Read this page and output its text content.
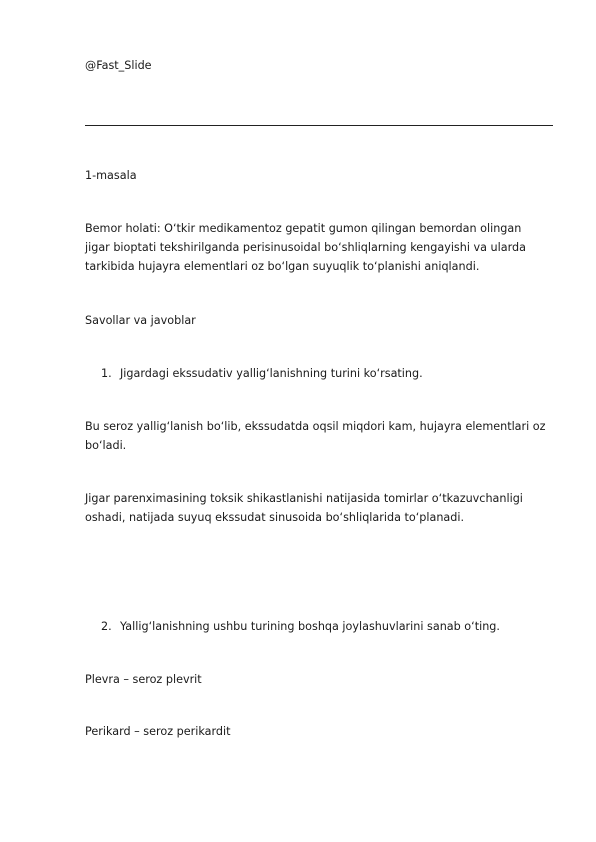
@Fast_Slide
1-masala
Bemor holati: O‘tkir medikamentoz gepatit gumon qilingan bemordan olingan jigar bioptati tekshirilganda perisinusoidal bo‘shliqlarning kengayishi va ularda tarkibida hujayra elementlari oz bo‘lgan suyuqlik to‘planishi aniqlandi.
Savollar va javoblar
1. Jigardagi ekssudativ yallig‘lanishning turini ko‘rsating.
Bu seroz yallig‘lanish bo‘lib, ekssudatda oqsil miqdori kam, hujayra elementlari oz bo‘ladi.
Jigar parenximasining toksik shikastlanishi natijasida tomirlar o‘tkazuvchanligi oshadi, natijada suyuq ekssudat sinusoida bo‘shliqlarida to‘planadi.
2. Yallig‘lanishning ushbu turining boshqa joylashuvlarini sanab o‘ting.
Plevra – seroz plevrit
Perikard – seroz perikardit
